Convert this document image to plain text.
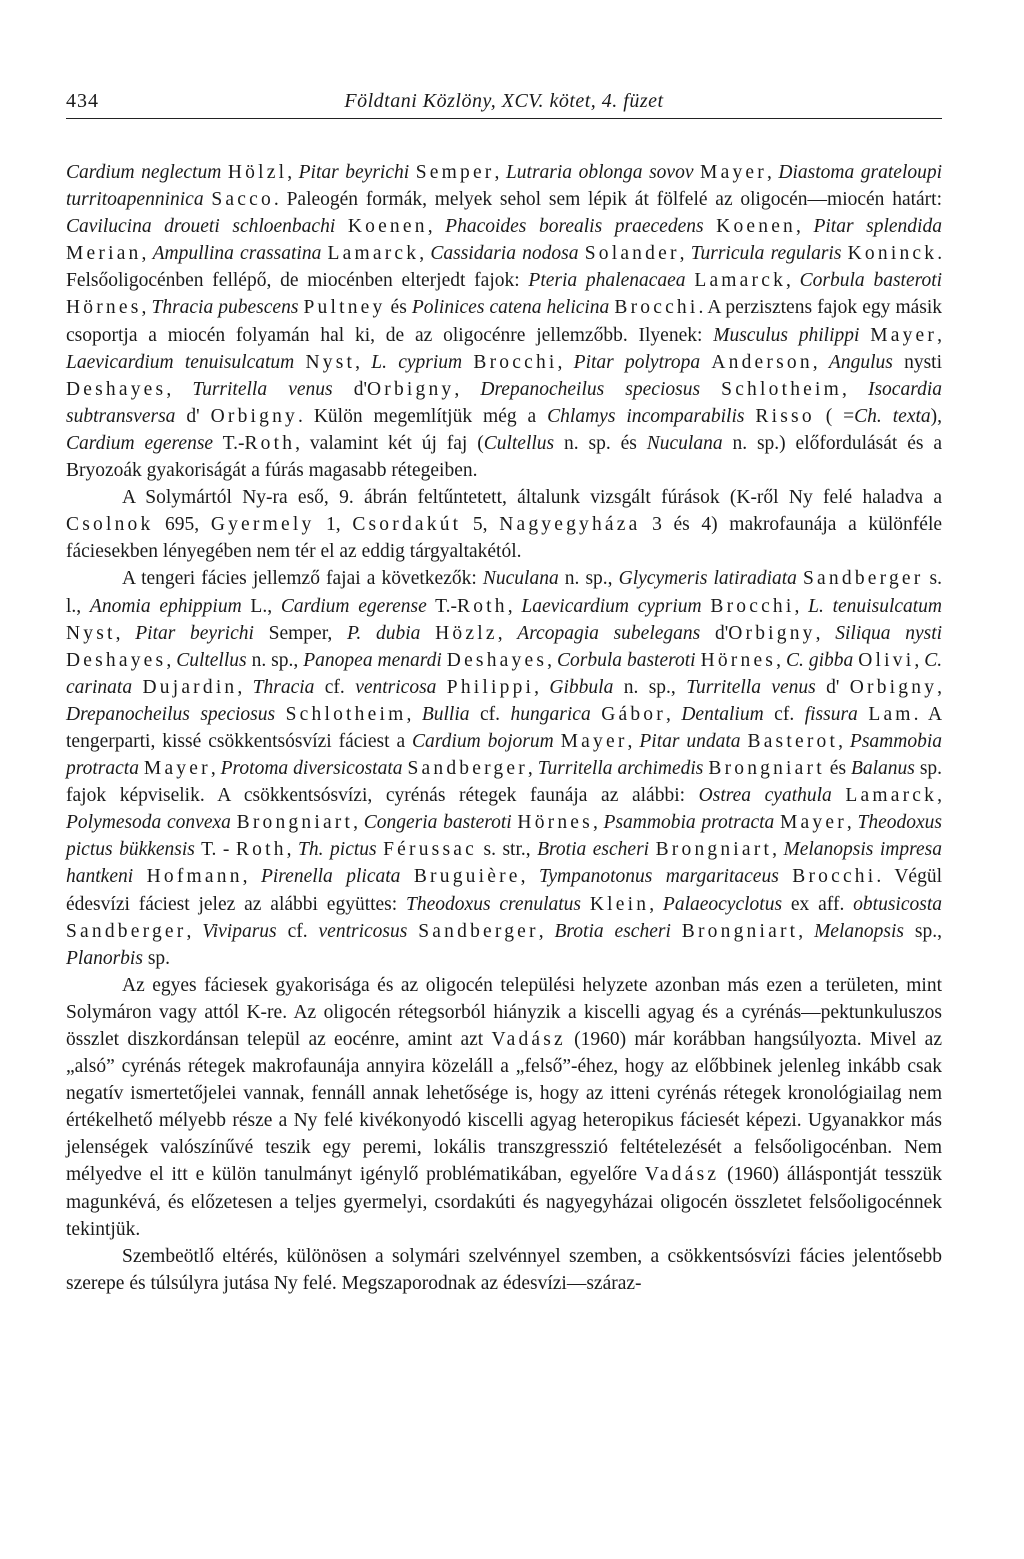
434	Földtani Közlöny, XCV. kötet, 4. füzet

Cardium neglectum Hölzl, Pitar beyrichi Semper, Lutraria oblonga sovov Mayer, Diastoma grateloupi turritoapenninica Sacco. Paleogén formák, melyek sehol sem lépik át fölfelé az oligocén—miocén határt: Cavilucina droueti schloenbachi Koenen, Phacoides borealis praecedens Koenen, Pitar splendida Merian, Ampullina crassatina Lamarck, Cassidaria nodosa Solander, Turricula regularis Koninck. Felsőoligocénben fellépő, de miocénben elterjedt fajok: Pteria phalenacaea Lamarck, Corbula basteroti Hörnes, Thracia pubescens Pultney és Polinices catena helicina Brocchi. A perzisztens fajok egy másik csoportja a miocén folyamán hal ki, de az oligocénre jellemzőbb. Ilyenek: Musculus philippi Mayer, Laevicardium tenuisulcatum Nyst, L. cyprium Brocchi, Pitar polytropa Anderson, Angulus nysti Deshayes, Turritella venus d'Orbigny, Drepanocheilus speciosus Schlotheim, Isocardia subtransversa d' Orbigny. Külön megemlítjük még a Chlamys incomparabilis Risso ( =Ch. texta), Cardium egerense T.-Roth, valamint két új faj (Cultellus n. sp. és Nuculana n. sp.) előfordulását és a Bryozoák gyakoriságát a fúrás magasabb rétegeiben.

A Solymártól Ny-ra eső, 9. ábrán feltűntetett, általunk vizsgált fúrások (K-ről Ny felé haladva a Csolnok 695, Gyermely 1, Csordakút 5, Nagyegyháza 3 és 4) makrofaunája a különféle fáciesekben lényegében nem tér el az eddig tárgyaltakétól.

A tengeri fácies jellemző fajai a következők: Nuculana n. sp., Glycymeris latiradiata Sandberger s. l., Anomia ephippium L., Cardium egerense T.-Roth, Laevicardium cyprium Brocchi, L. tenuisulcatum Nyst, Pitar beyrichi Semper, P. dubia Hözlz, Arcopagia subelegans d'Orbigny, Siliqua nysti Deshayes, Cultellus n. sp., Panopea menardi Deshayes, Corbula basteroti Hörnes, C. gibba Olivi, C. carinata Dujardin, Thracia cf. ventricosa Philippi, Gibbula n. sp., Turritella venus d' Orbigny, Drepanocheilus speciosus Schlotheim, Bullia cf. hungarica Gábor, Dentalium cf. fissura Lam. A tengerparti, kissé csökkentsósvízi fáciest a Cardium bojorum Mayer, Pitar undata Basterot, Psammobia protracta Mayer, Protoma diversicostata Sandberger, Turritella archimedis Brongniart és Balanus sp. fajok képviselik. A csökkentsósvízi, cyrénás rétegek faunája az alábbi: Ostrea cyathula Lamarck, Polymesoda convexa Brongniart, Congeria basteroti Hörnes, Psammobia protracta Mayer, Theodoxus pictus bükkensis T. - Roth, Th. pictus Férussac s. str., Brotia escheri Brongniart, Melanopsis impresa hantkeni Hofmann, Pirenella plicata Bruguière, Tympanotonus margaritaceus Brocchi. Végül édesvízi fáciest jelez az alábbi együttes: Theodoxus crenulatus Klein, Palaeocyclotus ex aff. obtusicosta Sandberger, Viviparus cf. ventricosus Sandberger, Brotia escheri Brongniart, Melanopsis sp., Planorbis sp.

Az egyes fáciesek gyakorisága és az oligocén települési helyzete azonban más ezen a területen, mint Solymáron vagy attól K-re. Az oligocén rétegsorból hiányzik a kiscelli agyag és a cyrénás—pektunkuluszos összlet diszkordánsan települ az eocénre, amint azt Vadász (1960) már korábban hangsúlyozta. Mivel az „alsó” cyrénás rétegek makrofaunája annyira közeláll a „felső”-éhez, hogy az előbbinek jelenleg inkább csak negatív ismertetőjelei vannak, fennáll annak lehetősége is, hogy az itteni cyrénás rétegek kronológiailag nem értékelhető mélyebb része a Ny felé kivékonyodó kiscelli agyag heteropikus fáciesét képezi. Ugyanakkor más jelenségek valószínűvé teszik egy peremi, lokális transzgresszió feltételezését a felsőoligocénban. Nem mélyedve el itt e külön tanulmányt igénylő problématikában, egyelőre Vadász (1960) álláspontját tesszük magunkévá, és előzetesen a teljes gyermelyi, csordakúti és nagyegyházai oligocén összletet felsőoligocénnek tekintjük.

Szembeötlő eltérés, különösen a solymári szelvénnyel szemben, a csökkentsósvízi fácies jelentősebb szerepe és túlsúlyra jutása Ny felé. Megszaporodnak az édesvízi—száraz-
